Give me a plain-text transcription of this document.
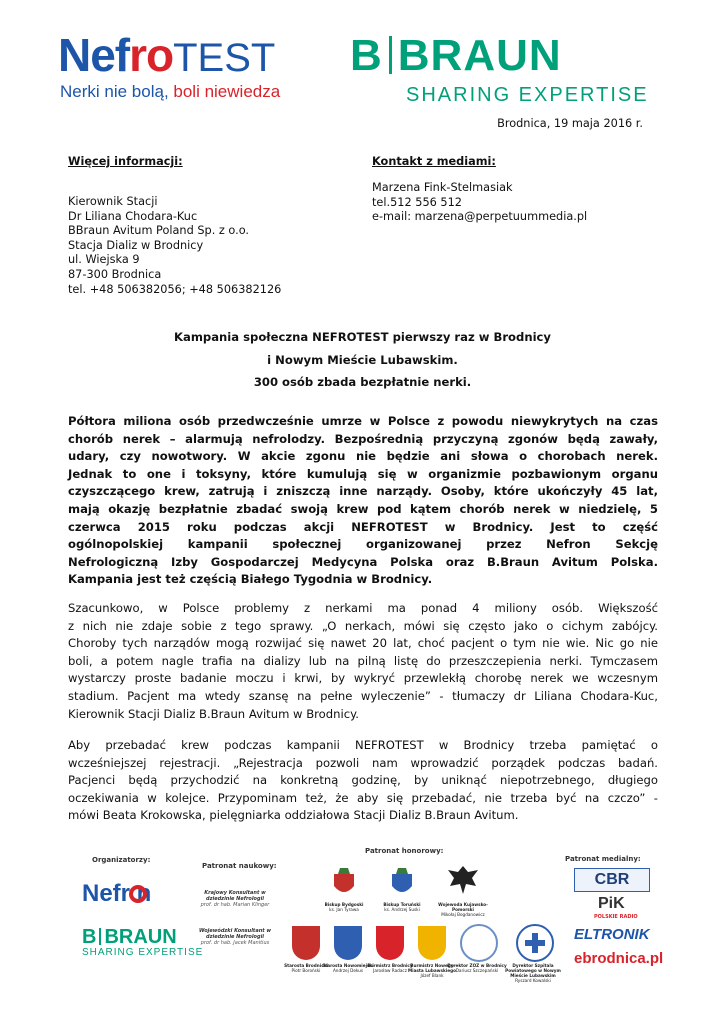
NefroTEST
Nerki nie bolą, boli niewiedza
B BRAUN
SHARING EXPERTISE
Brodnica, 19 maja 2016 r.
Więcej informacji:	Kontakt z mediami:
Kierownik Stacji
Dr Liliana Chodara-Kuc
BBraun Avitum Poland Sp. z o.o.
Stacja Dializ w Brodnicy
ul. Wiejska 9
87-300 Brodnica
tel. +48 506382056; +48 506382126
Marzena Fink-Stelmasiak
tel.512 556 512
e-mail: marzena@perpetuummedia.pl
Kampania społeczna NEFROTEST pierwszy raz w Brodnicy
i Nowym Mieście Lubawskim.
300 osób zbada bezpłatnie nerki.
Półtora miliona osób przedwcześnie umrze w Polsce z powodu niewykrytych na czas
chorób nerek – alarmują nefrolodzy. Bezpośrednią przyczyną zgonów będą zawały,
udary, czy nowotwory. W akcie zgonu nie będzie ani słowa o chorobach nerek.
Jednak to one i toksyny, które kumulują się w organizmie pozbawionym organu
czyszczącego krew, zatrują i zniszczą inne narządy. Osoby, które ukończyły 45 lat,
mają okazję bezpłatnie zbadać swoją krew pod kątem chorób nerek w niedzielę, 5
czerwca 2015 roku podczas akcji NEFROTEST w Brodnicy. Jest to część
ogólnopolskiej kampanii społecznej organizowanej przez Nefron Sekcję
Nefrologiczną Izby Gospodarczej Medycyna Polska oraz B.Braun Avitum Polska.
Kampania jest też częścią Białego Tygodnia w Brodnicy.
Szacunkowo, w Polsce problemy z nerkami ma ponad 4 miliony osób. Większość
z nich nie zdaje sobie z tego sprawy. „O nerkach, mówi się często jako o cichym zabójcy.
Choroby tych narządów mogą rozwijać się nawet 20 lat, choć pacjent o tym nie wie. Nic go nie
boli, a potem nagle trafia na dializy lub na pilną listę do przeszczepienia nerki. Tymczasem
wystarczy proste badanie moczu i krwi, by wykryć przewlekłą chorobę nerek we wczesnym
stadium. Pacjent ma wtedy szansę na pełne wyleczenie” - tłumaczy dr Liliana Chodara-Kuc,
Kierownik Stacji Dializ B.Braun Avitum w Brodnicy.
Aby przebadać krew podczas kampanii NEFROTEST w Brodnicy trzeba pamiętać o
wcześniejszej rejestracji. „Rejestracja pozwoli nam wprowadzić porządek podczas badań.
Pacjenci będą przychodzić na konkretną godzinę, by uniknąć niepotrzebnego, długiego
oczekiwania w kolejce. Przypominam też, że aby się przebadać, nie trzeba być na czczo” -
mówi Beata Krokowska, pielęgniarka oddziałowa Stacji Dializ B.Braun Avitum.
Organizatorzy:
Nefr n
B BRAUN
SHARING EXPERTISE
Patronat naukowy:
Krajowy Konsultant w dziedzinie Nefrologii
prof. dr hab. Marian Klinger
Wojewódzki Konsultant w dziedzinie Nefrologii
prof. dr hab. Jacek Manitius
Patronat honorowy:
Biskup Bydgoski
ks. Jan Tyrawa
Biskup Toruński
ks. Andrzej Suski
Wojewoda Kujawsko-Pomorski
Mikołaj Bogdanowicz
Starosta Brodnicki
Piotr Boroński
Starosta Nowomiejski
Andrzej Dekus
Burmistrz Brodnicy
Jarosław Radacz
Burmistrz Nowego Miasta Lubawskiego
Józef Blank
Dyrektor ZOZ w Brodnicy
Dariusz Szczepański
Dyrektor Szpitala Powiatowego w Nowym Mieście Lubawskim
Ryszard Kowalski
Patronat medialny:
CBR
PiK
POLSKIE RADIO
ELTRONIK
ebrodnica.pl
